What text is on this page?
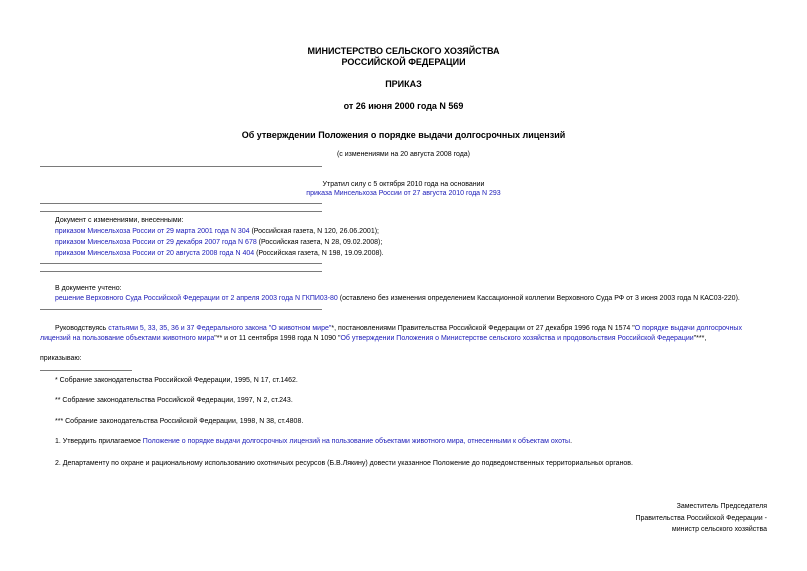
МИНИСТЕРСТВО СЕЛЬСКОГО ХОЗЯЙСТВА
РОССИЙСКОЙ ФЕДЕРАЦИИ
ПРИКАЗ
от 26 июня 2000 года N 569
Об утверждении Положения о порядке выдачи долгосрочных лицензий
(с изменениями на 20 августа 2008 года)
Утратил силу с 5 октября 2010 года на основании
приказа Минсельхоза России от 27 августа 2010 года N 293
Документ с изменениями, внесенными:
приказом Минсельхоза России от 29 марта 2001 года N 304 (Российская газета, N 120, 26.06.2001);
приказом Минсельхоза России от 29 декабря 2007 года N 678 (Российская газета, N 28, 09.02.2008);
приказом Минсельхоза России от 20 августа 2008 года N 404 (Российская газета, N 198, 19.09.2008).
В документе учтено:
решение Верховного Суда Российской Федерации от 2 апреля 2003 года N ГКПИ03-80 (оставлено без изменения определением Кассационной коллегии Верховного Суда РФ от 3 июня 2003 года N КАС03-220).
Руководствуясь статьями 5, 33, 35, 36 и 37 Федерального закона "О животном мире"*, постановлениями Правительства Российской Федерации от 27 декабря 1996 года N 1574 "О порядке выдачи долгосрочных
лицензий на пользование объектами животного мира"** и от 11 сентября 1998 года N 1090 "Об утверждении Положения о Министерстве сельского хозяйства и продовольствия Российской Федерации"***,
приказываю:
* Собрание законодательства Российской Федерации, 1995, N 17, ст.1462.
** Собрание законодательства Российской Федерации, 1997, N 2, ст.243.
*** Собрание законодательства Российской Федерации, 1998, N 38, ст.4808.
1. Утвердить прилагаемое Положение о порядке выдачи долгосрочных лицензий на пользование объектами животного мира, отнесенными к объектам охоты.
2. Департаменту по охране и рациональному использованию охотничьих ресурсов (Б.В.Лякину) довести указанное Положение до подведомственных территориальных органов.
Заместитель Председателя
Правительства Российской Федерации -
министр сельского хозяйства
